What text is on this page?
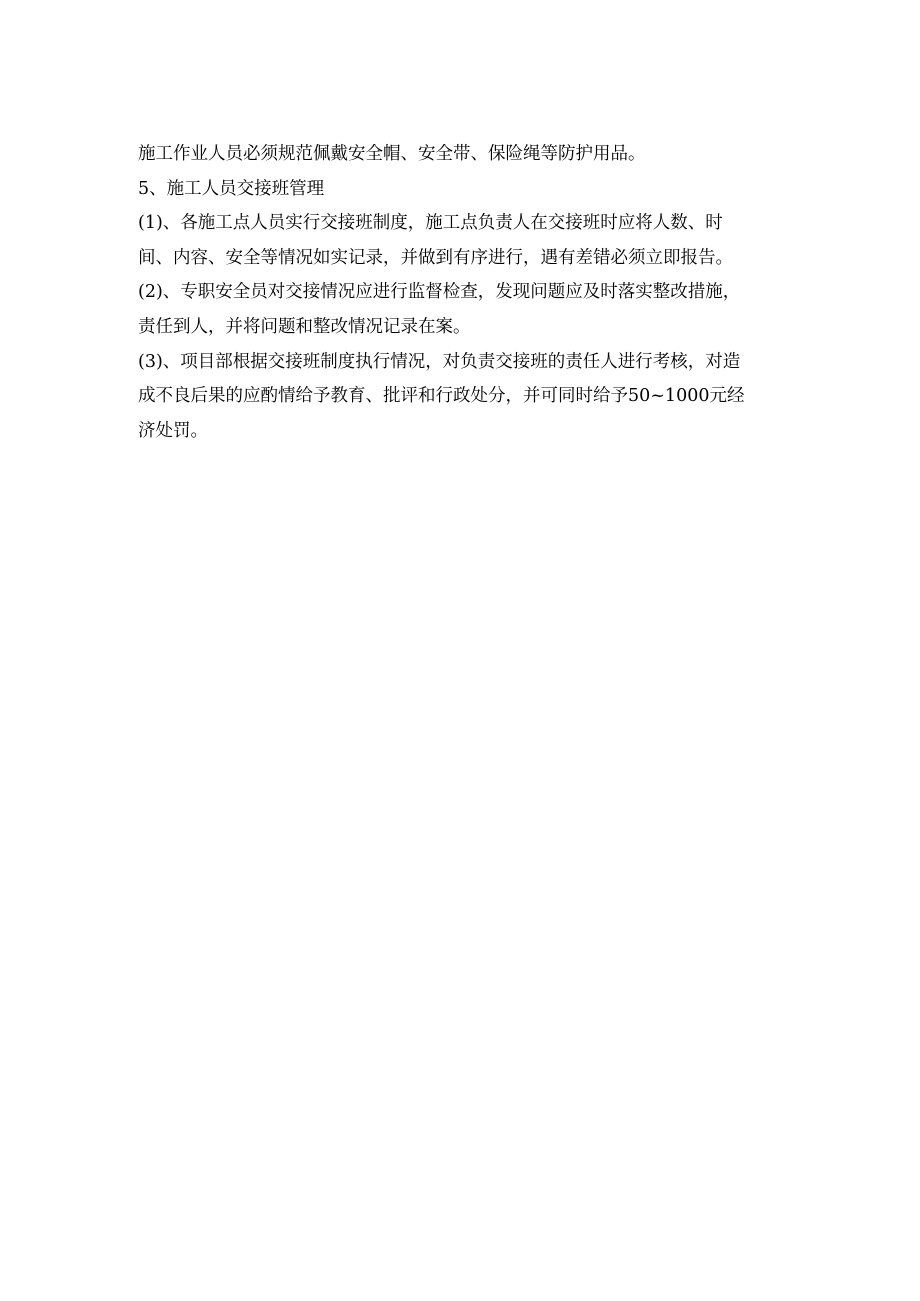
施工作业人员必须规范佩戴安全帽、安全带、保险绳等防护用品。
5、施工人员交接班管理
(1)、各施工点人员实行交接班制度，施工点负责人在交接班时应将人数、时
间、内容、安全等情况如实记录，并做到有序进行，遇有差错必须立即报告。
(2)、专职安全员对交接情况应进行监督检查，发现问题应及时落实整改措施，
责任到人，并将问题和整改情况记录在案。
(3)、项目部根据交接班制度执行情况，对负责交接班的责任人进行考核，对造
成不良后果的应酌情给予教育、批评和行政处分，并可同时给予50~1000元经
济处罚。
